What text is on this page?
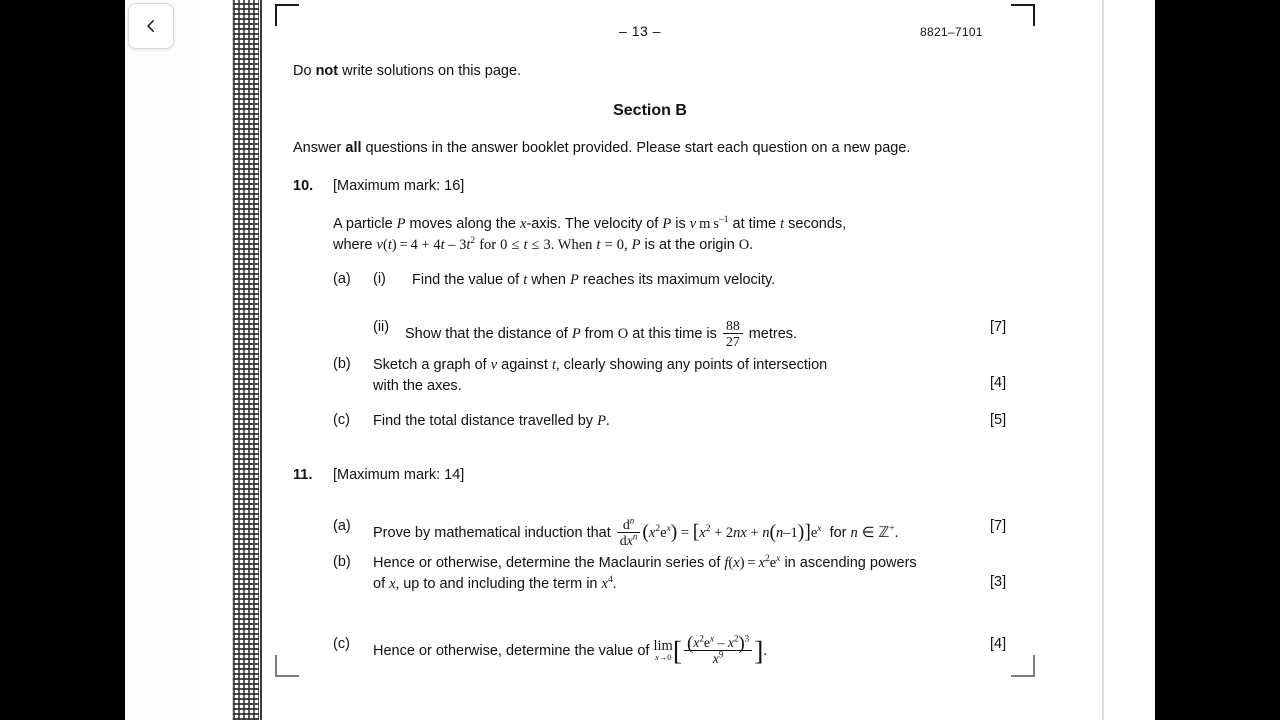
– 13 –	8821–7101
Do not write solutions on this page.
Section B
Answer all questions in the answer booklet provided. Please start each question on a new page.
10. [Maximum mark: 16]
A particle P moves along the x-axis. The velocity of P is v m $s^{-1}$ at time t seconds,
where $v(t) = 4 + 4t - 3t^2$ for 0 ≤ t ≤ 3. When t = 0, P is at the origin O.
(a) (i) Find the value of t when P reaches its maximum velocity.
(ii) Show that the distance of P from O at this time is $\frac{88}{27}$ metres.	[7]
(b) Sketch a graph of v against t, clearly showing any points of intersection
with the axes.	[4]
(c) Find the total distance travelled by P.	[5]
11. [Maximum mark: 14]
(a) Prove by mathematical induction that $\frac{d^n}{dx^n} (x^2e^x) = [x^2 + 2nx + n(n-1)]e^x$  for n ∈ ℤ+.	[7]
(b) Hence or otherwise, determine the Maclaurin series of $f(x) = x^2e^x$ in ascending powers
of x, up to and including the term in $x^4$.	[3]
(c) Hence or otherwise, determine the value of lim
x→0 [ $\frac{(x^2e^x - x^2)^3}{x^9}$ ].	[4]
